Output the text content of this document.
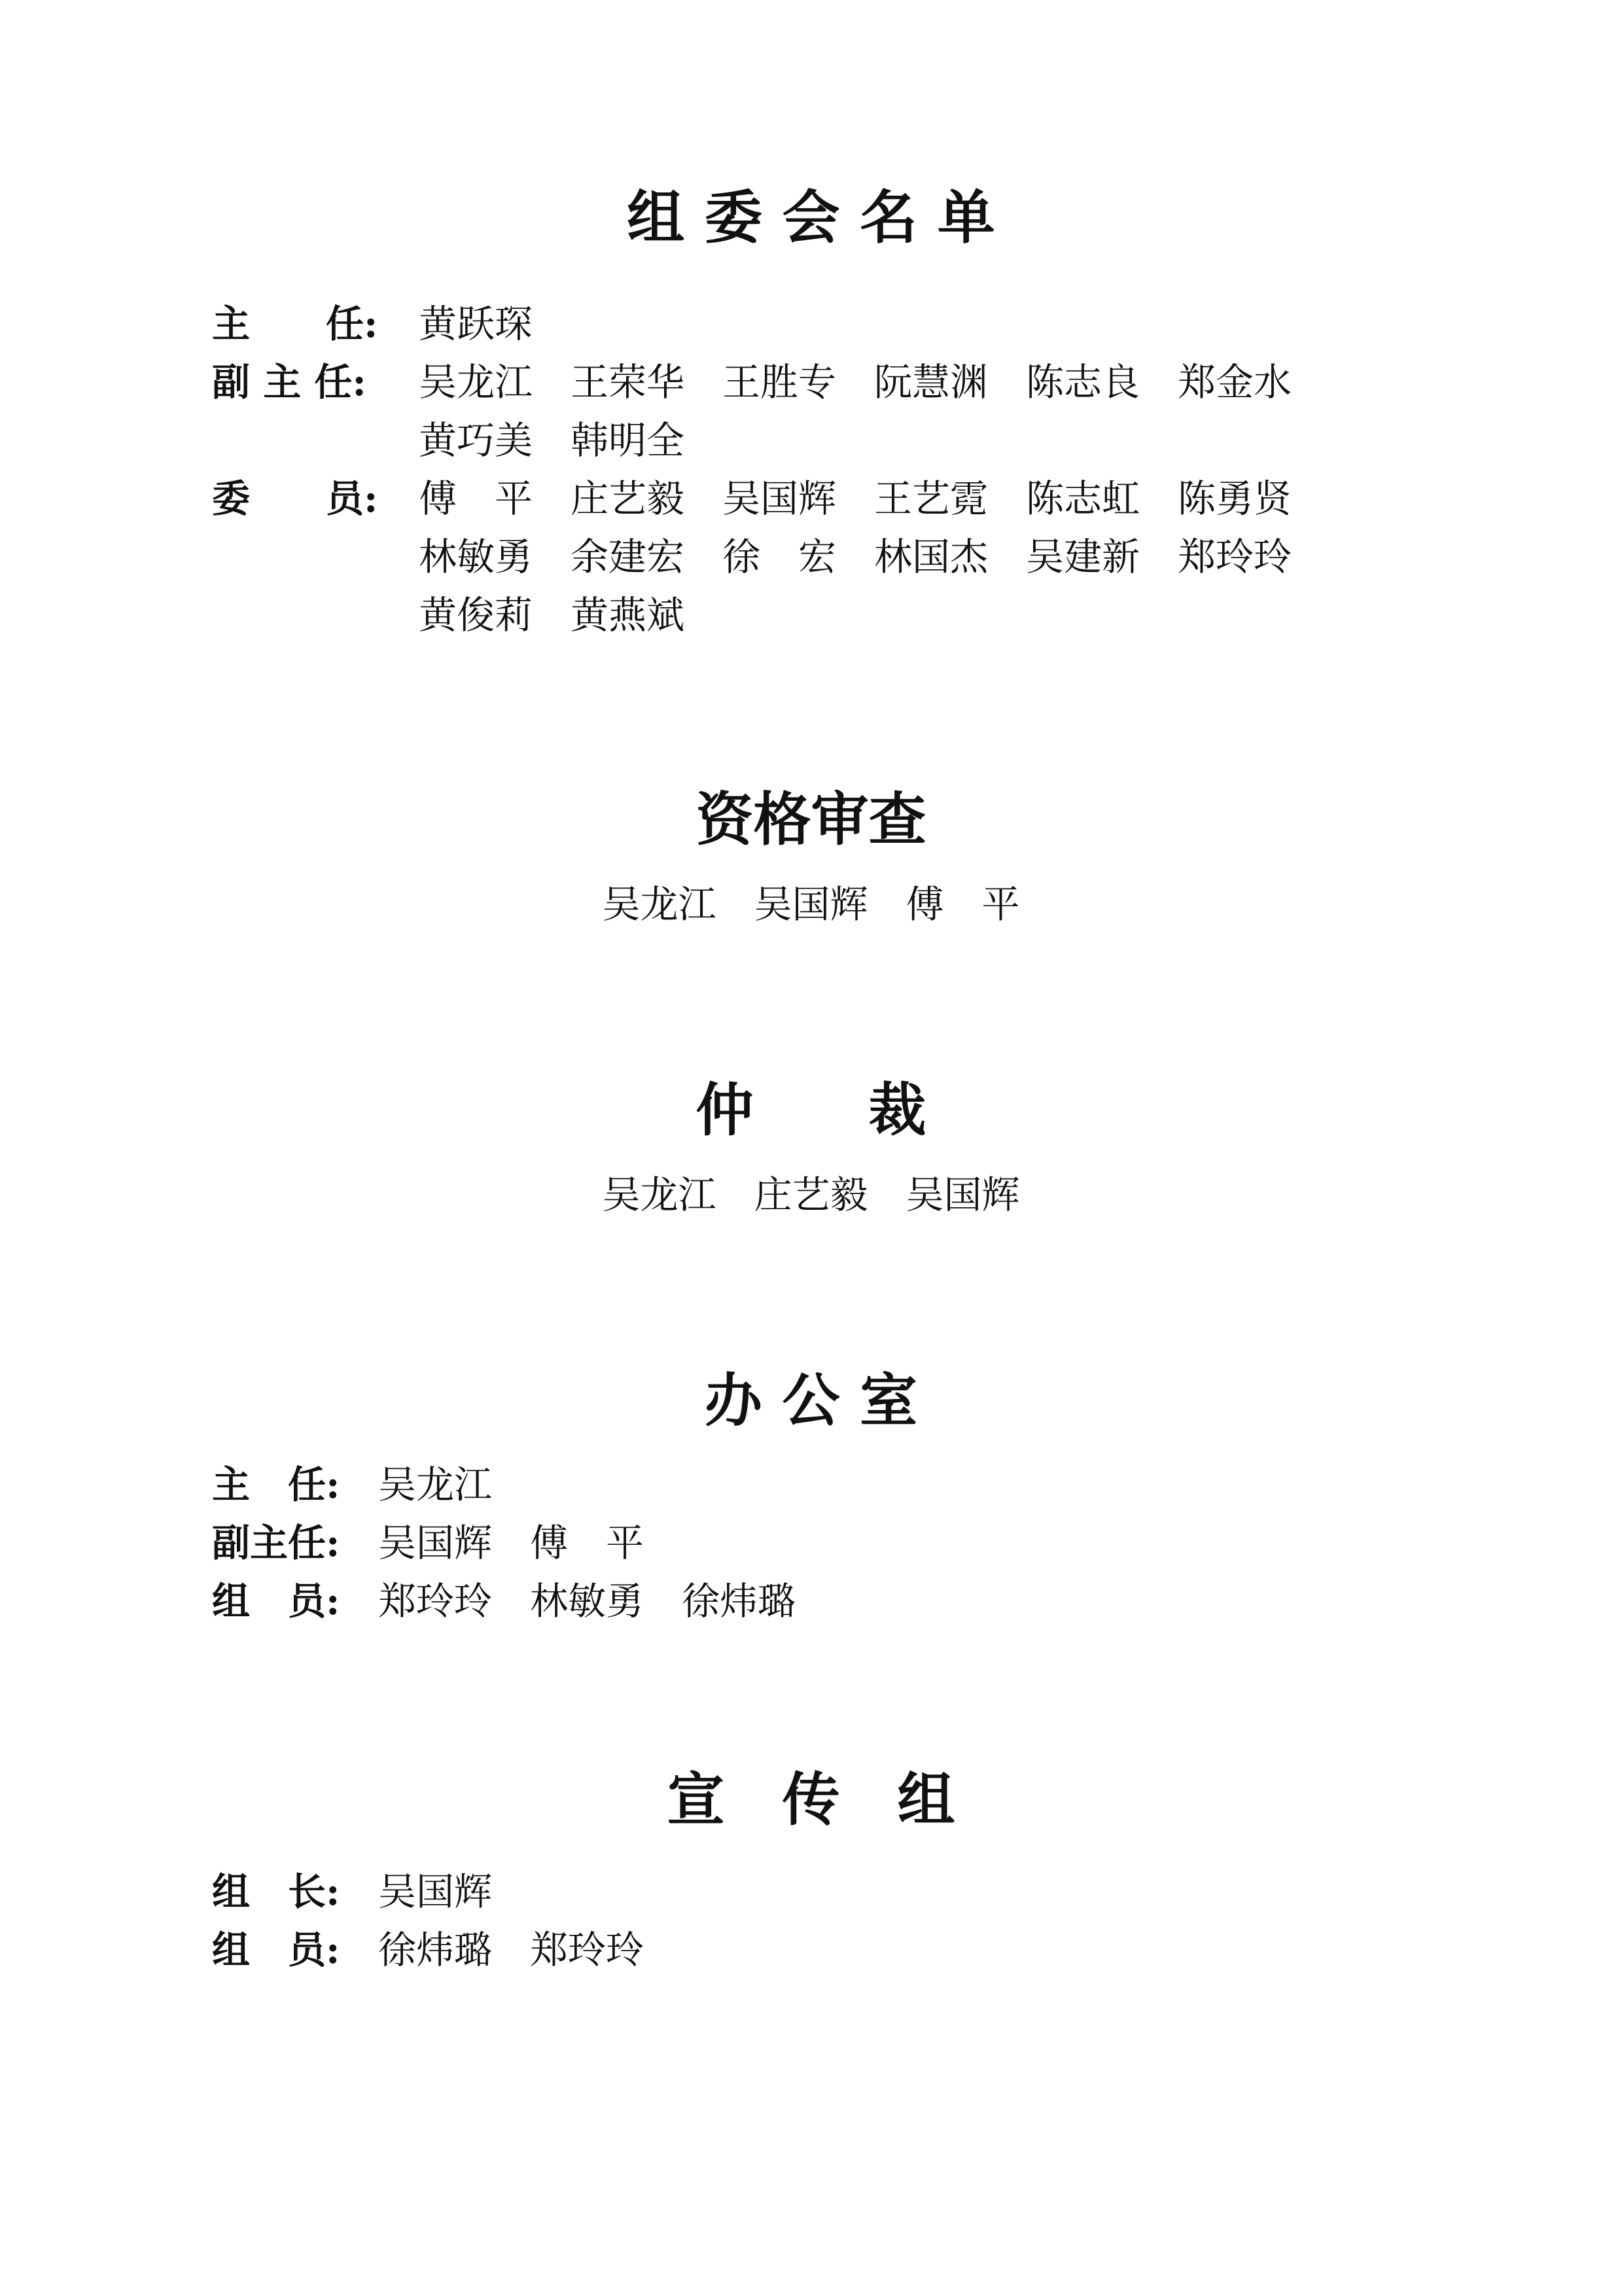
组 委 会 名 单
主　　任: 黄跃琛
副 主 任: 吴龙江　王荣华　王胜专　阮慧渊　陈志良　郑金水
黄巧美　韩明全
委　　员: 傅　平　庄艺毅　吴国辉　王艺霓　陈志虹　陈勇贤
林敏勇　余建宏　徐　宏　林国杰　吴建新　郑玲玲
黄俊莉　黄燕斌
资格审查
吴龙江　吴国辉　傅　平
仲　　裁
吴龙江　庄艺毅　吴国辉
办 公 室
主　任: 吴龙江
副主任: 吴国辉　傅　平
组　员: 郑玲玲　林敏勇　徐炜璐
宣　传　组
组　长: 吴国辉
组　员: 徐炜璐　郑玲玲
